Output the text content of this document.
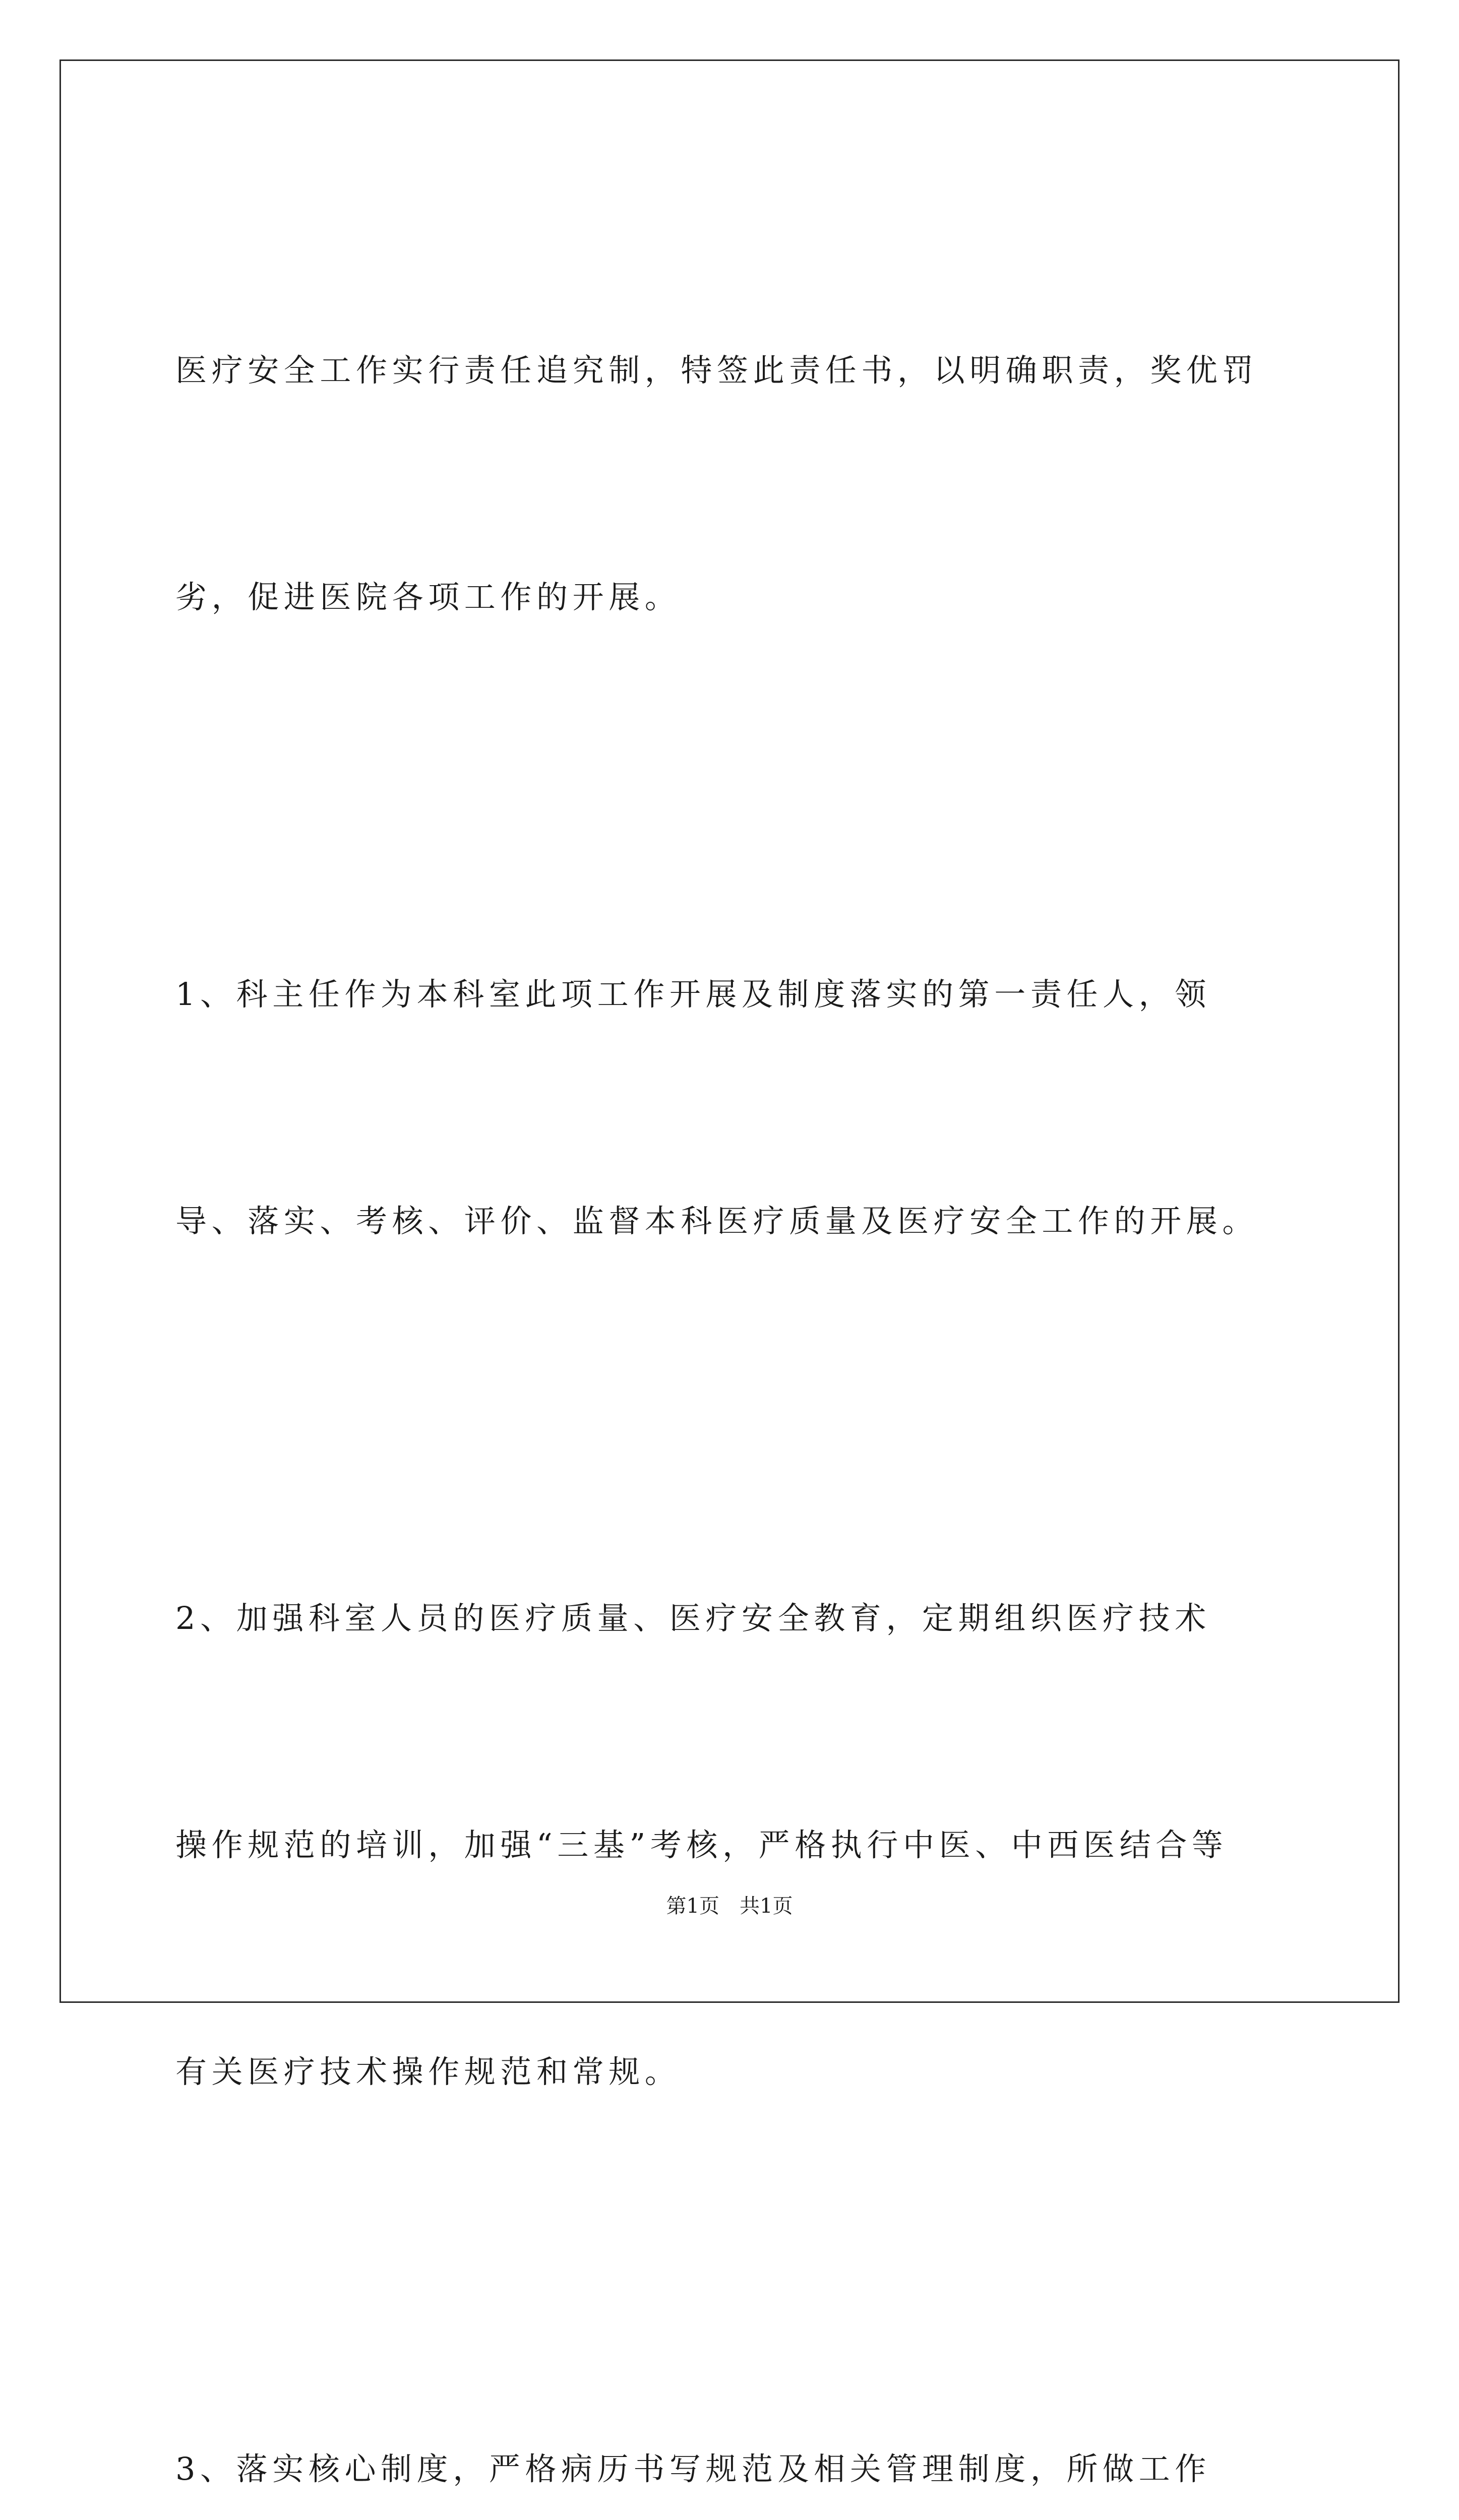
医疗安全工作实行责任追究制，特签此责任书，以明确职责，奖优罚

劣，促进医院各项工作的开展。

1、科主任作为本科室此项工作开展及制度落实的第一责任人，领

导、落实、考核、评价、监督本科医疗质量及医疗安全工作的开展。

2、加强科室人员的医疗质量、医疗安全教育，定期组织医疗技术

操作规范的培训，加强“三基”考核，严格执行中医、中西医结合等

有关医疗技术操作规范和常规。

3、落实核心制度，严格病历书写规范及相关管理制度，所做工作

第1页 共1页
